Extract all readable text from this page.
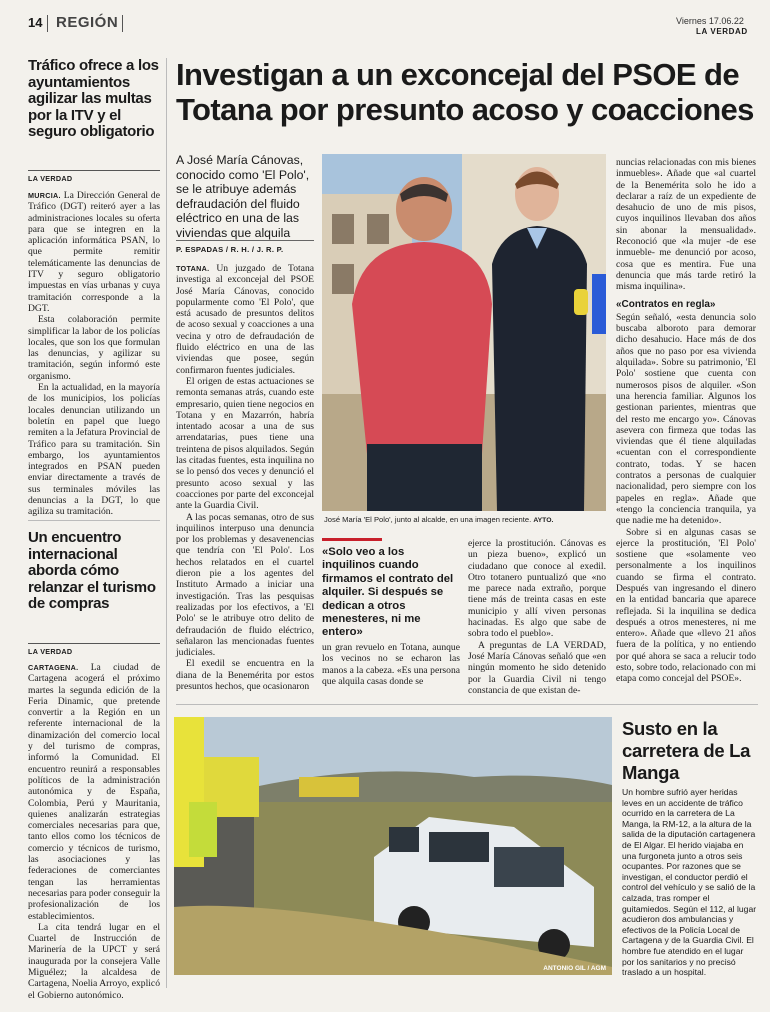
14 REGIÓN	Viernes 17.06.22
LA VERDAD
Tráfico ofrece a los ayuntamientos agilizar las multas por la ITV y el seguro obligatorio
LA VERDAD

MURCIA. La Dirección General de Tráfico (DGT) reiteró ayer a las administraciones locales su oferta para que se integren en la aplicación informática PSAN, lo que permite remitir telemáticamente las denuncias de ITV y seguro obligatorio impuestas en vías urbanas y cuya tramitación corresponde a la DGT.

Esta colaboración permite simplificar la labor de los policías locales, que son los que formulan las denuncias, y agilizar su tramitación, según informó este organismo.

En la actualidad, en la mayoría de los municipios, los policías locales denuncian utilizando un boletín en papel que luego remiten a la Jefatura Provincial de Tráfico para su tramitación. Sin embargo, los ayuntamientos integrados en PSAN pueden enviar directamente a través de sus terminales móviles las denuncias a la DGT, lo que agiliza su tramitación.

Un encuentro internacional aborda cómo relanzar el turismo de compras
LA VERDAD

CARTAGENA. La ciudad de Cartagena acogerá el próximo martes la segunda edición de la Feria Dinamic, que pretende convertir a la Región en un referente internacional de la dinamización del comercio local y del turismo de compras, informó la Comunidad. El encuentro reunirá a responsables políticos de la administración autonómica y de España, Colombia, Perú y Mauritania, quienes analizarán estrategias comerciales necesarias para que, tanto ellos como los técnicos de comercio y técnicos de turismo, las asociaciones y las federaciones de comerciantes tengan las herramientas necesarias para poder conseguir la profesionalización de los establecimientos.

La cita tendrá lugar en el Cuartel de Instrucción de Marinería de la UPCT y será inaugurada por la consejera Valle Miguélez; la alcaldesa de Cartagena, Noelia Arroyo, explicó el Gobierno autonómico.

Investigan a un exconcejal del PSOE de Totana por presunto acoso y coacciones
A José María Cánovas, conocido como 'El Polo', se le atribuye además defraudación del fluido eléctrico en una de las viviendas que alquila
P. ESPADAS / R. H. / J. R. P.

TOTANA. Un juzgado de Totana investiga al exconcejal del PSOE José María Cánovas, conocido popularmente como 'El Polo', que está acusado de presuntos delitos de acoso sexual y coacciones a una vecina y otro de defraudación de fluido eléctrico en una de las viviendas que posee, según confirmaron fuentes judiciales.

El origen de estas actuaciones se remonta semanas atrás, cuando este empresario, quien tiene negocios en Totana y en Mazarrón, habría intentado acosar a una de sus arrendatarias, pues tiene una treintena de pisos alquilados. Según las citadas fuentes, esta inquilina no se lo pensó dos veces y denunció el presunto acoso sexual y las coacciones por parte del exconcejal ante la Guardia Civil.

A las pocas semanas, otro de sus inquilinos interpuso una denuncia por los problemas y desavenencias que tendría con 'El Polo'. Los hechos relatados en el cuartel dieron pie a los agentes del Instituto Armado a iniciar una investigación. Tras las pesquisas realizadas por los efectivos, a 'El Polo' se le atribuye otro delito de defraudación de fluido eléctrico, señalaron las mencionadas fuentes judiciales.

El exedil se encuentra en la diana de la Benemérita por estos presuntos hechos, que ocasionaron

José María 'El Polo', junto al alcalde, en una imagen reciente. AYTO.
«Solo veo a los inquilinos cuando firmamos el contrato del alquiler. Si después se dedican a otros menesteres, ni me entero»

un gran revuelo en Totana, aunque los vecinos no se echaron las manos a la cabeza. «Es una persona que alquila casas donde se

ejerce la prostitución. Cánovas es un pieza bueno», explicó un ciudadano que conoce al exedil. Otro totanero puntualizó que «no me parece nada extraño, porque tiene más de treinta casas en este municipio y allí viven personas hacinadas. Es algo que sabe de sobra todo el pueblo».

A preguntas de LA VERDAD, José María Cánovas señaló que «en ningún momento he sido detenido por la Guardia Civil ni tengo constancia de que existan de-

nuncias relacionadas con mis bienes inmuebles». Añade que «al cuartel de la Benemérita solo he ido a declarar a raíz de un expediente de desahucio de uno de mis pisos, cuyos inquilinos llevaban dos años sin abonar la mensualidad». Reconoció que «la mujer -de ese inmueble- me denunció por acoso, cosa que es mentira. Fue una denuncia que más tarde retiró la misma inquilina».

«Contratos en regla»

Según señaló, «esta denuncia solo buscaba alboroto para demorar dicho desahucio. Hace más de dos años que no paso por esa vivienda alquilada». Sobre su patrimonio, 'El Polo' sostiene que cuenta con numerosos pisos de alquiler. «Son una herencia familiar. Algunos los gestionan parientes, mientras que del resto me encargo yo». Cánovas asevera con firmeza que todas las viviendas que él tiene alquiladas «cuentan con el correspondiente contrato, todas. Y se hacen contratos a personas de cualquier nacionalidad, pero siempre con los papeles en regla». Añade que «tengo la conciencia tranquila, ya que nadie me ha detenido».

Sobre si en algunas casas se ejerce la prostitución, 'El Polo' sostiene que «solamente veo personalmente a los inquilinos cuando se firma el contrato. Después van ingresando el dinero en la entidad bancaria que aparece reflejada. Si la inquilina se dedica después a otros menesteres, ni me entero». Añade que «llevo 21 años fuera de la política, y no entiendo por qué ahora se saca a relucir todo esto, sobre todo, relacionado con mi etapa como concejal del PSOE».

ANTONIO GIL / AGM
Susto en la carretera de La Manga
Un hombre sufrió ayer heridas leves en un accidente de tráfico ocurrido en la carretera de La Manga, la RM-12, a la altura de la salida de la diputación cartagenera de El Algar. El herido viajaba en una furgoneta junto a otros seis ocupantes. Por razones que se investigan, el conductor perdió el control del vehículo y se salió de la calzada, tras romper el guitamiedos. Según el 112, al lugar acudieron dos ambulancias y efectivos de la Policía Local de Cartagena y de la Guardia Civil. El hombre fue atendido en el lugar por los sanitarios y no precisó traslado a un hospital.
